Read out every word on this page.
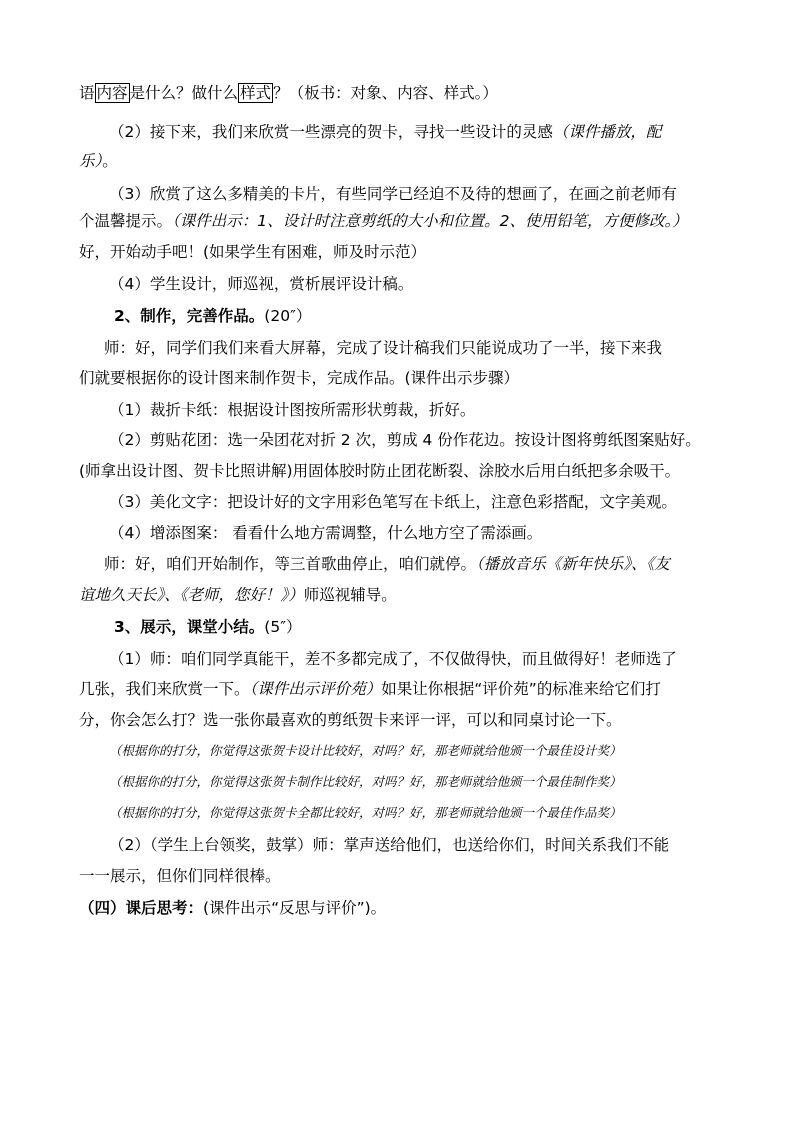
语 内容 是什么？做什么 样式 ？（板书：对象、内容、样式。）
（2）接下来，我们来欣赏一些漂亮的贺卡，寻找一些设计的灵感（课件播放，配
乐）。
（3）欣赏了这么多精美的卡片，有些同学已经迫不及待的想画了，在画之前老师有
个温馨提示。（课件出示：1、设计时注意剪纸的大小和位置。2、使用铅笔，方便修改。）
好，开始动手吧！(如果学生有困难，师及时示范）
（4）学生设计，师巡视，赏析展评设计稿。
2、制作，完善作品。(20″）
师：好，同学们我们来看大屏幕，完成了设计稿我们只能说成功了一半，接下来我
们就要根据你的设计图来制作贺卡，完成作品。(课件出示步骤）
（1）裁折卡纸：根据设计图按所需形状剪裁，折好。
（2）剪贴花团：选一朵团花对折 2 次，剪成 4 份作花边。按设计图将剪纸图案贴好。
(师拿出设计图、贺卡比照讲解)用固体胶时防止团花断裂、涂胶水后用白纸把多余吸干。
（3）美化文字：把设计好的文字用彩色笔写在卡纸上，注意色彩搭配，文字美观。
（4）增添图案： 看看什么地方需调整，什么地方空了需添画。
师：好，咱们开始制作，等三首歌曲停止，咱们就停。（播放音乐《新年快乐》、《友
谊地久天长》、《老师，您好！》）师巡视辅导。
3、展示，课堂小结。(5″）
（1）师：咱们同学真能干，差不多都完成了，不仅做得快，而且做得好！老师选了
几张，我们来欣赏一下。（课件出示评价苑）如果让你根据“评价苑”的标准来给它们打
分，你会怎么打？选一张你最喜欢的剪纸贺卡来评一评，可以和同桌讨论一下。
（根据你的打分，你觉得这张贺卡设计比较好，对吗？好，那老师就给他颁一个最佳设计奖）
（根据你的打分，你觉得这张贺卡制作比较好，对吗？好，那老师就给他颁一个最佳制作奖）
（根据你的打分，你觉得这张贺卡全都比较好，对吗？好，那老师就给他颁一个最佳作品奖）
（2）（学生上台领奖，鼓掌）师：掌声送给他们，也送给你们，时间关系我们不能
一一展示，但你们同样很棒。
（四）课后思考：(课件出示“反思与评价”)。
